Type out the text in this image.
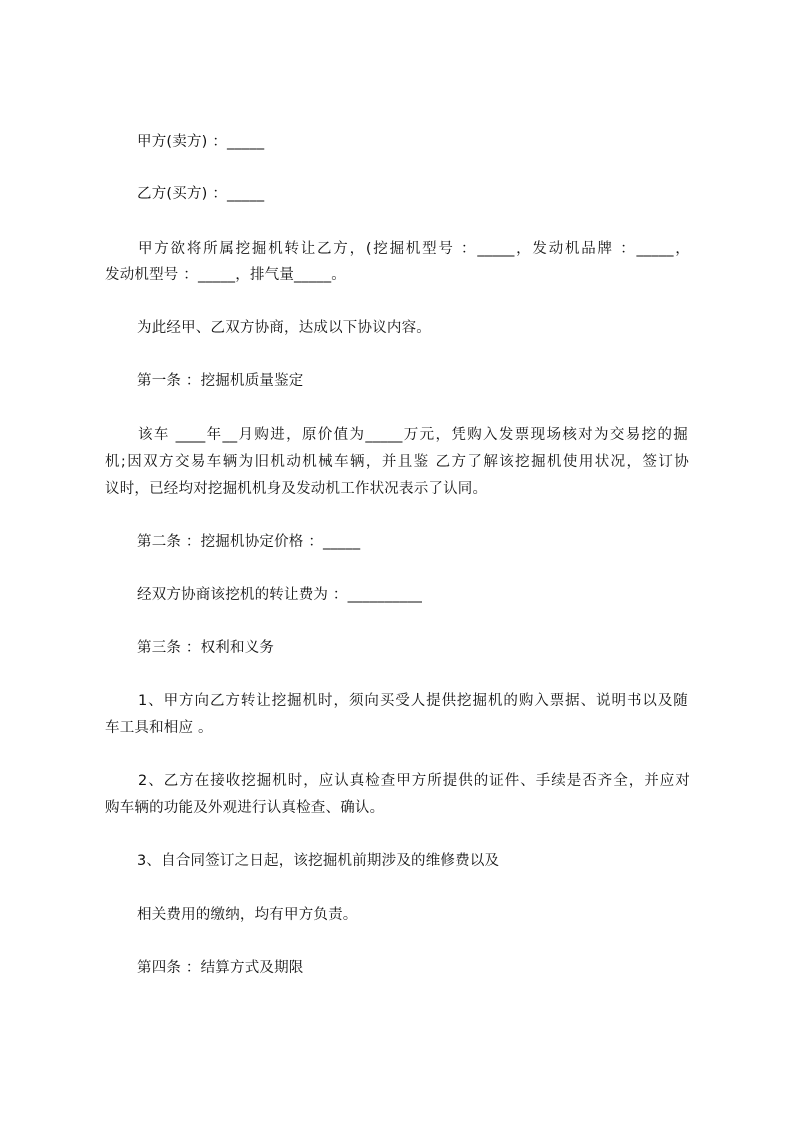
甲方(卖方) ：_____
乙方(买方) ：_____
甲方欲将所属挖掘机转让乙方，(挖掘机型号 ：_____，发动机品牌 ：_____，
发动机型号 ：_____，排气量_____。
为此经甲、乙双方协商，达成以下协议内容。
第一条 ：挖掘机质量鉴定
该车 ____年__月购进，原价值为_____万元，凭购入发票现场核对为交易挖的掘
机;因双方交易车辆为旧机动机械车辆，并且鉴 乙方了解该挖掘机使用状况，签订协
议时，已经均对挖掘机机身及发动机工作状况表示了认同。
第二条 ：挖掘机协定价格 ：_____
经双方协商该挖机的转让费为 ：__________
第三条 ：权利和义务
1、甲方向乙方转让挖掘机时，须向买受人提供挖掘机的购入票据、说明书以及随
车工具和相应 。
2、乙方在接收挖掘机时，应认真检查甲方所提供的证件、手续是否齐全，并应对
购车辆的功能及外观进行认真检查、确认。
3、自合同签订之日起，该挖掘机前期涉及的维修费以及
相关费用的缴纳，均有甲方负责。
第四条 ：结算方式及期限
